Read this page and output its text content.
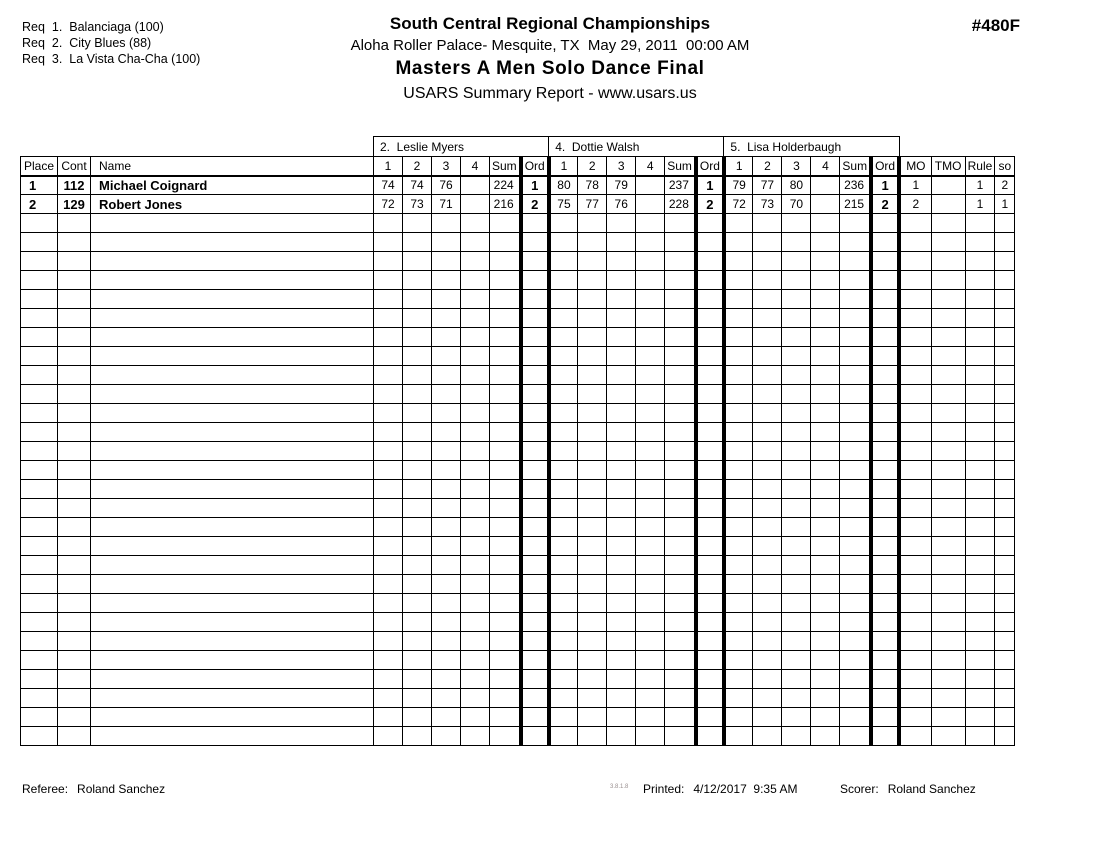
Req  1.  Balanciaga (100)
Req  2.  City Blues (88)
Req  3.  La Vista Cha-Cha (100)
South Central Regional Championships
Aloha Roller Palace- Mesquite, TX  May 29, 2011  00:00 AM
Masters A Men Solo Dance Final
USARS Summary Report - www.usars.us
#480F
			2.  Leslie Myers						4.  Dottie Walsh						5.  Lisa Holderbaugh									
Place	Cont	Name	1	2	3	4	Sum	Ord	1	2	3	4	Sum	Ord	1	2	3	4	Sum	Ord	MO	TMO	Rule	so
1	112	Michael Coignard	74	74	76		224	1	80	78	79		237	1	79	77	80		236	1	1		1	2
2	129	Robert Jones	72	73	71		216	2	75	77	76		228	2	72	73	70		215	2	2		1	1

Referee: Roland Sanchez	3.8.1.8 Printed: 4/12/2017  9:35 AM	Scorer: Roland Sanchez
